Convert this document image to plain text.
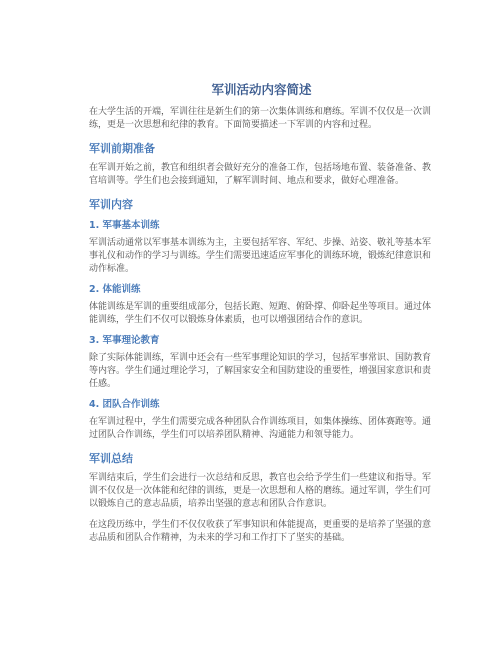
军训活动内容简述
在大学生活的开端，军训往往是新生们的第一次集体训练和磨练。军训不仅仅是一次训练，更是一次思想和纪律的教育。下面简要描述一下军训的内容和过程。
军训前期准备
在军训开始之前，教官和组织者会做好充分的准备工作，包括场地布置、装备准备、教官培训等。学生们也会接到通知，了解军训时间、地点和要求，做好心理准备。
军训内容
1. 军事基本训练
军训活动通常以军事基本训练为主，主要包括军容、军纪、步操、站姿、敬礼等基本军事礼仪和动作的学习与训练。学生们需要迅速适应军事化的训练环境，锻炼纪律意识和动作标准。
2. 体能训练
体能训练是军训的重要组成部分，包括长跑、短跑、俯卧撑、仰卧起坐等项目。通过体能训练，学生们不仅可以锻炼身体素质，也可以增强团结合作的意识。
3. 军事理论教育
除了实际体能训练，军训中还会有一些军事理论知识的学习，包括军事常识、国防教育等内容。学生们通过理论学习，了解国家安全和国防建设的重要性，增强国家意识和责任感。
4. 团队合作训练
在军训过程中，学生们需要完成各种团队合作训练项目，如集体操练、团体赛跑等。通过团队合作训练，学生们可以培养团队精神、沟通能力和领导能力。
军训总结
军训结束后，学生们会进行一次总结和反思，教官也会给予学生们一些建议和指导。军训不仅仅是一次体能和纪律的训练，更是一次思想和人格的磨练。通过军训，学生们可以锻炼自己的意志品质，培养出坚强的意志和团队合作意识。
在这段历练中，学生们不仅仅收获了军事知识和体能提高，更重要的是培养了坚强的意志品质和团队合作精神，为未来的学习和工作打下了坚实的基础。
